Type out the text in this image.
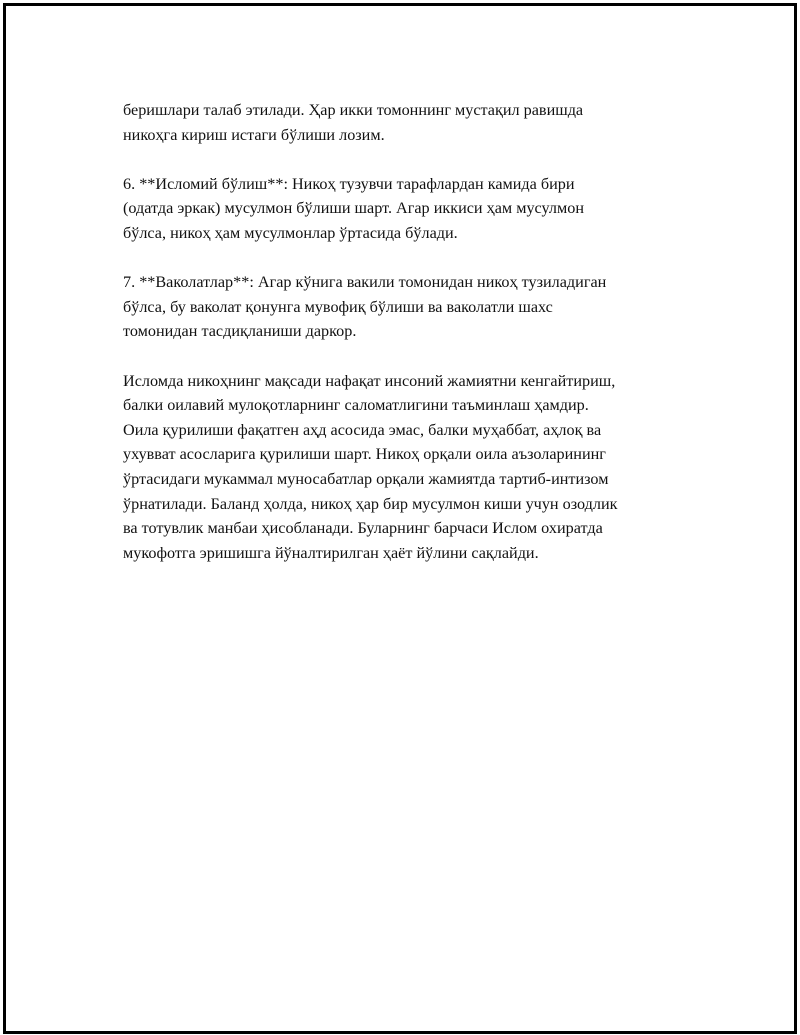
беришлари талаб этилади. Ҳар икки томоннинг мустақил равишда
никоҳга кириш истаги бўлиши лозим.

6. **Исломий бўлиш**: Никоҳ тузувчи тарафлардан камида бири
(одатда эркак) мусулмон бўлиши шарт. Агар иккиси ҳам мусулмон
бўлса, никоҳ ҳам мусулмонлар ўртасида бўлади.

7. **Ваколатлар**: Агар кўнига вакили томонидан никоҳ тузиладиган
бўлса, бу ваколат қонунга мувофиқ бўлиши ва ваколатли шахс
томонидан тасдиқланиши даркор.

Исломда никоҳнинг мақсади нафақат инсоний жамиятни кенгайтириш,
балки оилавий мулоқотларнинг саломатлигини таъминлаш ҳамдир.
Оила қурилиши фақатген аҳд асосида эмас, балки муҳаббат, аҳлоқ ва
ухувват асосларига қурилиши шарт. Никоҳ орқали оила аъзоларининг
ўртасидаги мукаммал муносабатлар орқали жамиятда тартиб-интизом
ўрнатилади. Баланд ҳолда, никоҳ ҳар бир мусулмон киши учун озодлик
ва тотувлик манбаи ҳисобланади. Буларнинг барчаси Ислом охиратда
мукофотга эришишга йўналтирилган ҳаёт йўлини сақлайди.
